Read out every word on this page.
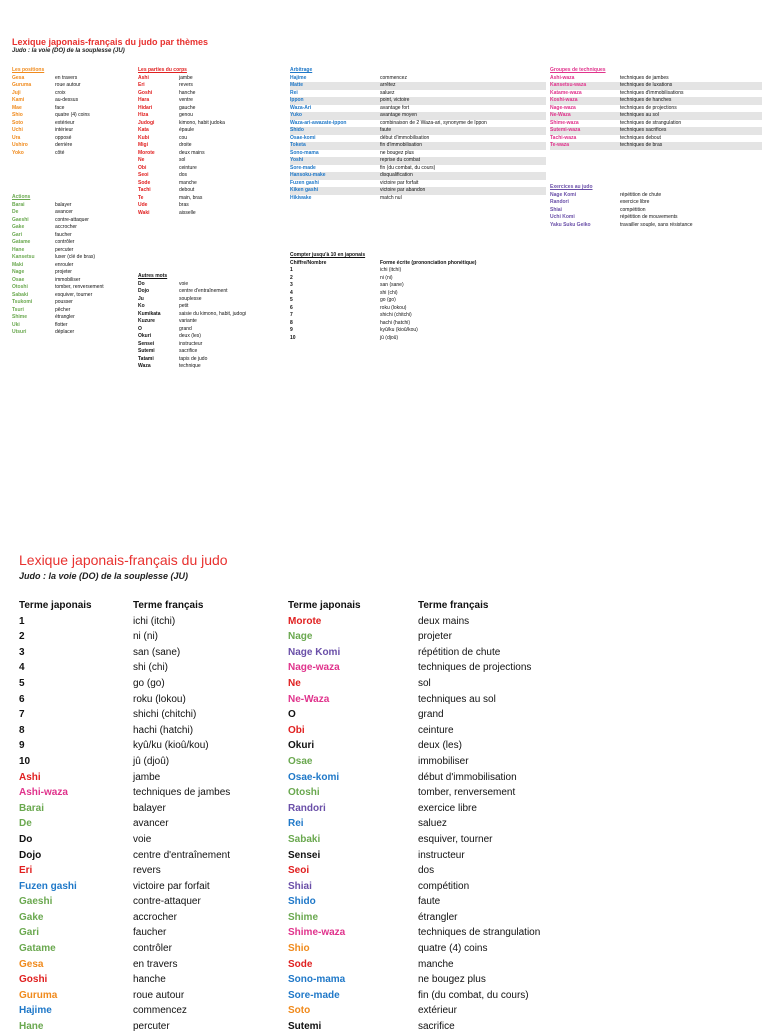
Lexique japonais-français du judo par thèmes
Judo : la voie (DO) de la souplesse (JU)
Les positions
Gesa	en travers
Guruma	roue autour
Juji	croix
Kami	au-dessus
Mae	face
Shio	quatre (4) coins
Soto	extérieur
Uchi	intérieur
Ura	opposé
Ushiro	derrière
Yoko	côté
Actions
Barai	balayer
De	avancer
Gaeshi	contre-attaquer
Gake	accrocher
Gari	faucher
Gatame	contrôler
Hane	percuter
Kansetsu	luxer (clé de bras)
Maki	enrouler
Nage	projeter
Osae	immobiliser
Otoshi	tomber, renversement
Sabaki	esquiver, tourner
Tsukomi	pousser
Tsuri	pêcher
Shime	étrangler
Uki	flotter
Utsuri	déplacer
Les parties du corps
Ashi	jambe
Eri	revers
Goshi	hanche
Hara	ventre
Hidari	gauche
Hiza	genou
Judogi	kimono, habit judoka
Kata	épaule
Kubi	cou
Migi	droite
Morote	deux mains
Ne	sol
Obi	ceinture
Seoi	dos
Sode	manche
Tachi	debout
Te	main, bras
Ude	bras
Waki	aisselle
Autres mots
Do	voie
Dojo	centre d'entraînement
Ju	souplesse
Ko	petit
Kumikata	saisie du kimono, habit, judogi
Kuzure	variante
O	grand
Okuri	deux (les)
Sensei	instructeur
Sutemi	sacrifice
Tatami	tapis de judo
Waza	technique
Arbitrage
Hajime	commencez
Matte	arrêtez
Rei	saluez
Ippon	point, victoire
Waza-Ari	avantage fort
Yuko	avantage moyen
Waza-ari-awazate-ippon	combinaison de 2 Waza-ari, synonyme de Ippon
Shido	faute
Osae-komi	début d'immobilisation
Toketa	fin d'immobilisation
Sono-mama	ne bougez plus
Yoshi	reprise du combat
Sore-made	fin (du combat, du cours)
Hansoku-make	disqualification
Fuzen gashi	victoire par forfait
Kiken gashi	victoire par abandon
Hikiwake	match nul
Compter jusqu'à 10 en japonais
Chiffre/Nombre	Forme écrite (prononciation phonétique)
1	ichi (itchi)
2	ni (ni)
3	san (sane)
4	shi (chi)
5	go (go)
6	roku (lokou)
7	shichi (chitchi)
8	hachi (hatchi)
9	kyû/ku (kioû/kou)
10	jû (djoû)
Groupes de techniques
Ashi-waza	techniques de jambes
Kansetsu-waza	techniques de luxations
Katame-waza	techniques d'immobilisations
Koshi-waza	techniques de hanches
Nage-waza	techniques de projections
Ne-Waza	techniques au sol
Shime-waza	techniques de strangulation
Sutemi-waza	techniques sacrifices
Tachi-waza	techniques debout
Te-waza	techniques de bras
Exercices au judo
Nage Komi	répétition de chute
Randori	exercice libre
Shiai	compétition
Uchi Komi	répétition de mouvements
Yaku Suku Geiko	travailler souple, sans résistance
Lexique japonais-français du judo
Judo : la voie (DO) de la souplesse (JU)
Terme japonais	Terme français
1	ichi (itchi)
2	ni (ni)
3	san (sane)
4	shi (chi)
5	go (go)
6	roku (lokou)
7	shichi (chitchi)
8	hachi (hatchi)
9	kyû/ku (kioû/kou)
10	jû (djoû)
Ashi	jambe
Ashi-waza	techniques de jambes
Barai	balayer
De	avancer
Do	voie
Dojo	centre d'entraînement
Eri	revers
Fuzen gashi	victoire par forfait
Gaeshi	contre-attaquer
Gake	accrocher
Gari	faucher
Gatame	contrôler
Gesa	en travers
Goshi	hanche
Guruma	roue autour
Hajime	commencez
Hane	percuter
Terme japonais	Terme français
Morote	deux mains
Nage	projeter
Nage Komi	répétition de chute
Nage-waza	techniques de projections
Ne	sol
Ne-Waza	techniques au sol
O	grand
Obi	ceinture
Okuri	deux (les)
Osae	immobiliser
Osae-komi	début d'immobilisation
Otoshi	tomber, renversement
Randori	exercice libre
Rei	saluez
Sabaki	esquiver, tourner
Sensei	instructeur
Seoi	dos
Shiai	compétition
Shido	faute
Shime	étrangler
Shime-waza	techniques de strangulation
Shio	quatre (4) coins
Sode	manche
Sono-mama	ne bougez plus
Sore-made	fin (du combat, du cours)
Soto	extérieur
Sutemi	sacrifice
